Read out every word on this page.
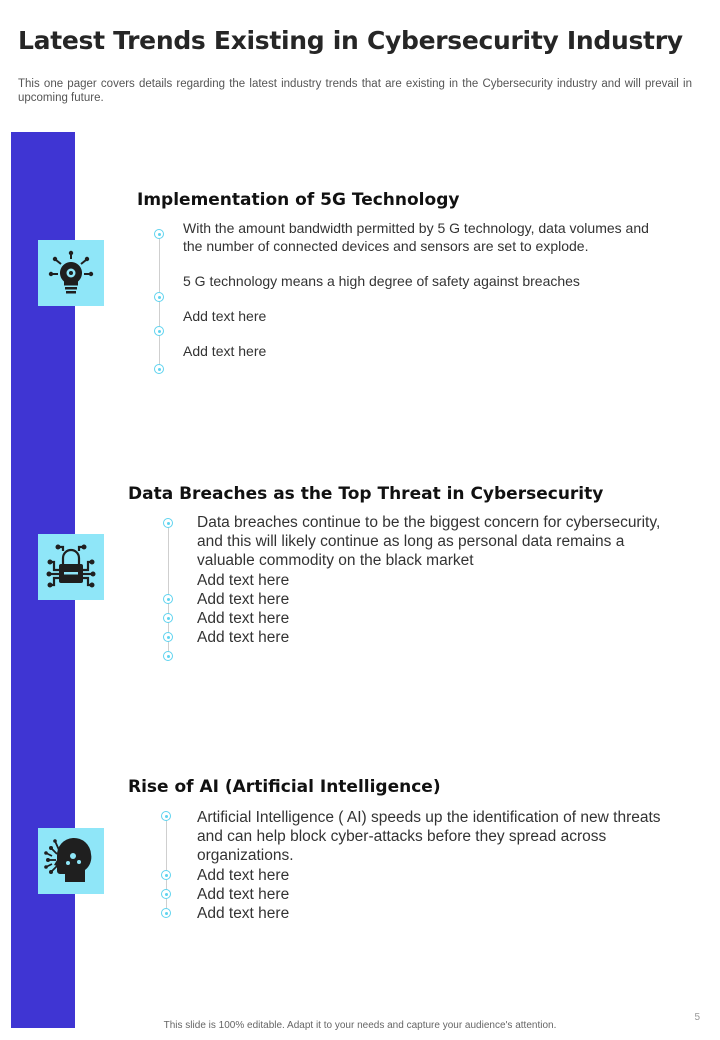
Latest Trends Existing in Cybersecurity Industry

This one pager covers details regarding the latest industry trends that are existing in the Cybersecurity industry and will prevail in upcoming future.

Implementation of 5G Technology

With the amount bandwidth permitted by 5 G technology, data volumes and the number of connected devices and sensors are set to explode.

5 G technology means a high degree of safety against breaches

Add text here

Add text here

Data Breaches as the Top Threat in Cybersecurity

Data breaches continue to be the biggest concern for cybersecurity, and this will likely continue as long as personal data remains a valuable commodity on the black market

Add text here

Add text here

Add text here

Add text here

Rise of AI (Artificial Intelligence)

Artificial Intelligence ( AI) speeds up the identification of new threats and can help block cyber-attacks before they spread across organizations.

Add text here

Add text here

Add text here

This slide is 100% editable. Adapt it to your needs and capture your audience's attention.
5
